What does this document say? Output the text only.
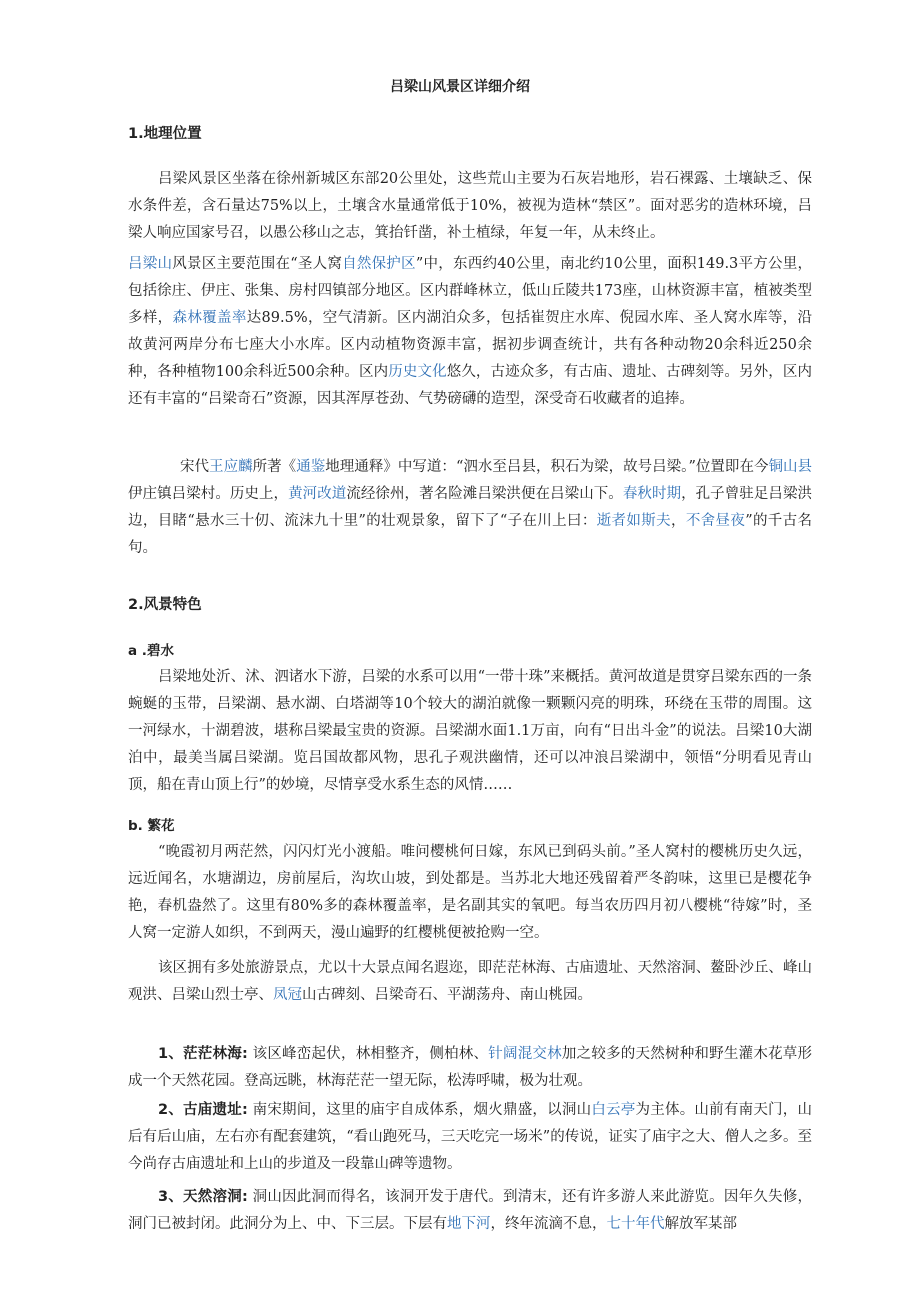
吕梁山风景区详细介绍
1.地理位置

吕梁风景区坐落在徐州新城区东部20公里处，这些荒山主要为石灰岩地形，岩石裸露、土壤缺乏、保水条件差，含石量达75%以上，土壤含水量通常低于10%，被视为造林“禁区”。面对恶劣的造林环境，吕梁人响应国家号召，以愚公移山之志，箕抬钎凿，补土植绿，年复一年，从未终止。

吕梁山风景区主要范围在“圣人窝自然保护区”中，东西约40公里，南北约10公里，面积149.3平方公里，包括徐庄、伊庄、张集、房村四镇部分地区。区内群峰林立，低山丘陵共173座，山林资源丰富，植被类型多样，森林覆盖率达89.5%，空气清新。区内湖泊众多，包括崔贺庄水库、倪园水库、圣人窝水库等，沿故黄河两岸分布七座大小水库。区内动植物资源丰富，据初步调查统计，共有各种动物20余科近250余种，各种植物100余科近500余种。区内历史文化悠久，古迹众多，有古庙、遗址、古碑刻等。另外，区内还有丰富的“吕梁奇石”资源，因其浑厚苍劲、气势磅礴的造型，深受奇石收藏者的追捧。

宋代王应麟所著《通鉴地理通释》中写道：“泗水至吕县，积石为梁，故号吕梁。”位置即在今铜山县伊庄镇吕梁村。历史上，黄河改道流经徐州，著名险滩吕梁洪便在吕梁山下。春秋时期，孔子曾驻足吕梁洪边，目睹“悬水三十仞、流沫九十里”的壮观景象，留下了“子在川上曰：逝者如斯夫，不舍昼夜”的千古名句。

2.风景特色
a .碧水

吕梁地处沂、沭、泗诸水下游，吕梁的水系可以用“一带十珠”来概括。黄河故道是贯穿吕梁东西的一条蜿蜒的玉带，吕梁湖、悬水湖、白塔湖等10个较大的湖泊就像一颗颗闪亮的明珠，环绕在玉带的周围。这一河绿水，十湖碧波，堪称吕梁最宝贵的资源。吕梁湖水面1.1万亩，向有“日出斗金”的说法。吕梁10大湖泊中，最美当属吕梁湖。览吕国故都风物，思孔子观洪幽情，还可以冲浪吕梁湖中，领悟“分明看见青山顶，船在青山顶上行”的妙境，尽情享受水系生态的风情……

b. 繁花

“晚霞初月两茫然，闪闪灯光小渡船。唯问樱桃何日嫁，东风已到码头前。”圣人窝村的樱桃历史久远，远近闻名，水塘湖边，房前屋后，沟坎山坡，到处都是。当苏北大地还残留着严冬韵味，这里已是樱花争艳，春机盎然了。这里有80%多的森林覆盖率，是名副其实的氧吧。每当农历四月初八樱桃“待嫁”时，圣人窝一定游人如织，不到两天，漫山遍野的红樱桃便被抢购一空。

该区拥有多处旅游景点，尤以十大景点闻名遐迩，即茫茫林海、古庙遗址、天然溶洞、鳌卧沙丘、峰山观洪、吕梁山烈士亭、凤冠山古碑刻、吕梁奇石、平湖荡舟、南山桃园。

1、茫茫林海: 该区峰峦起伏，林相整齐，侧柏林、针阔混交林加之较多的天然树种和野生灌木花草形成一个天然花园。登高远眺，林海茫茫一望无际，松涛呼啸，极为壮观。

2、古庙遗址: 南宋期间，这里的庙宇自成体系，烟火鼎盛，以洞山白云亭为主体。山前有南天门，山后有后山庙，左右亦有配套建筑，“看山跑死马，三天吃完一场米”的传说，证实了庙宇之大、僧人之多。至今尚存古庙遗址和上山的步道及一段靠山碑等遗物。

3、天然溶洞: 洞山因此洞而得名，该洞开发于唐代。到清末，还有许多游人来此游览。因年久失修，洞门已被封闭。此洞分为上、中、下三层。下层有地下河，终年流滴不息，七十年代解放军某部
